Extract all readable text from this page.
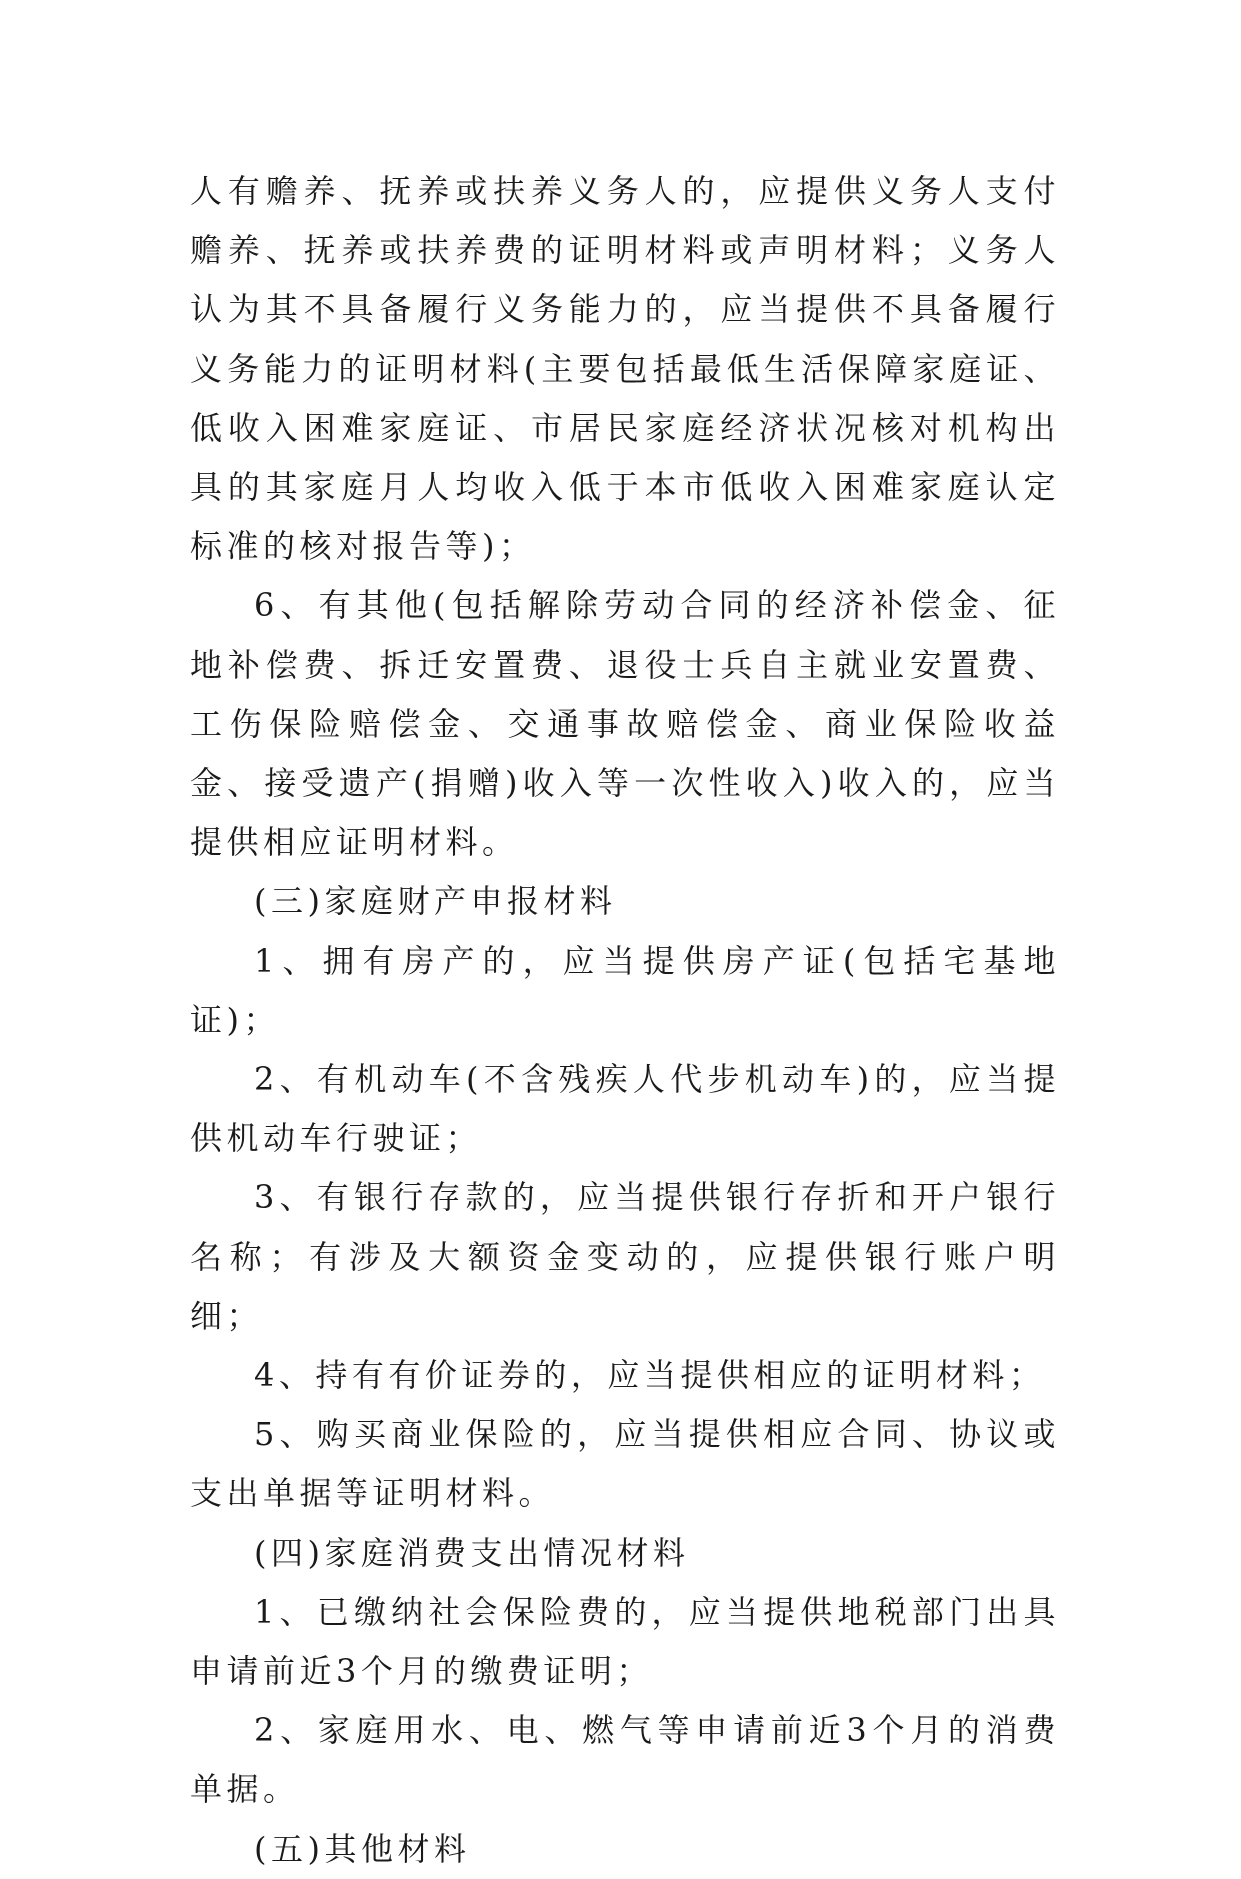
人有赡养、抚养或扶养义务人的，应提供义务人支付赡养、抚养或扶养费的证明材料或声明材料；义务人认为其不具备履行义务能力的，应当提供不具备履行义务能力的证明材料(主要包括最低生活保障家庭证、低收入困难家庭证、市居民家庭经济状况核对机构出具的其家庭月人均收入低于本市低收入困难家庭认定标准的核对报告等)；

6、有其他(包括解除劳动合同的经济补偿金、征地补偿费、拆迁安置费、退役士兵自主就业安置费、工伤保险赔偿金、交通事故赔偿金、商业保险收益金、接受遗产(捐赠)收入等一次性收入)收入的，应当提供相应证明材料。

(三)家庭财产申报材料

1、拥有房产的，应当提供房产证(包括宅基地证)；

2、有机动车(不含残疾人代步机动车)的，应当提供机动车行驶证；

3、有银行存款的，应当提供银行存折和开户银行名称；有涉及大额资金变动的，应提供银行账户明细；

4、持有有价证券的，应当提供相应的证明材料；

5、购买商业保险的，应当提供相应合同、协议或支出单据等证明材料。

(四)家庭消费支出情况材料

1、已缴纳社会保险费的，应当提供地税部门出具申请前近3个月的缴费证明；

2、家庭用水、电、燃气等申请前近3个月的消费单据。

(五)其他材料
